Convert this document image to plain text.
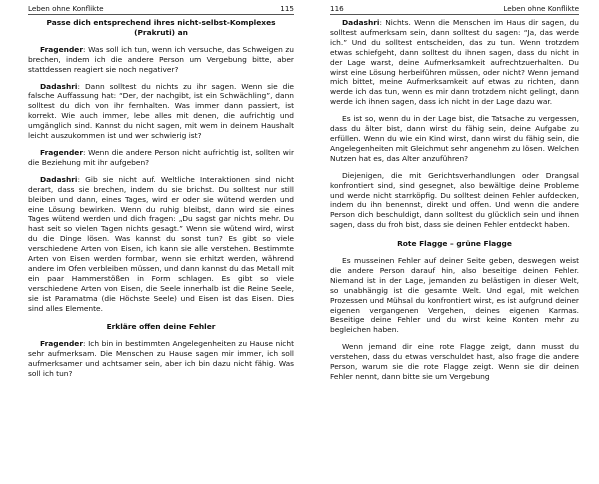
Leben ohne Konflikte	115
Passe dich entsprechend ihres nicht-selbst-Komplexes
(Prakruti) an

Fragender: Was soll ich tun, wenn ich versuche, das Schweigen zu brechen, indem ich die andere Person um Vergebung bitte, aber stattdessen reagiert sie noch negativer?

Dadashri: Dann solltest du nichts zu ihr sagen. Wenn sie die falsche Auffassung hat: “Der, der nachgibt, ist ein Schwächling”, dann solltest du dich von ihr fernhalten. Was immer dann passiert, ist korrekt. Wie auch immer, lebe alles mit denen, die aufrichtig und umgänglich sind. Kannst du nicht sagen, mit wem in deinem Haushalt leicht auszukommen ist und wer schwierig ist?

Fragender: Wenn die andere Person nicht aufrichtig ist, sollten wir die Beziehung mit ihr aufgeben?

Dadashri: Gib sie nicht auf. Weltliche Interaktionen sind nicht derart, dass sie brechen, indem du sie brichst. Du solltest nur still bleiben und dann, eines Tages, wird er oder sie wütend werden und eine Lösung bewirken. Wenn du ruhig bleibst, dann wird sie eines Tages wütend werden und dich fragen: „Du sagst gar nichts mehr. Du hast seit so vielen Tagen nichts gesagt.” Wenn sie wütend wird, wirst du die Dinge lösen. Was kannst du sonst tun? Es gibt so viele verschiedene Arten von Eisen, ich kann sie alle verstehen. Bestimmte Arten von Eisen werden formbar, wenn sie erhitzt werden, während andere im Ofen verbleiben müssen, und dann kannst du das Metall mit ein paar Hammerstößen in Form schlagen. Es gibt so viele verschiedene Arten von Eisen, die Seele innerhalb ist die Reine Seele, sie ist Paramatma (die Höchste Seele) und Eisen ist das Eisen. Dies sind alles Elemente.

Erkläre offen deine Fehler

Fragender: Ich bin in bestimmten Angelegenheiten zu Hause nicht sehr aufmerksam. Die Menschen zu Hause sagen mir immer, ich soll aufmerksamer und achtsamer sein, aber ich bin dazu nicht fähig. Was soll ich tun?

116	Leben ohne Konflikte

Dadashri: Nichts. Wenn die Menschen im Haus dir sagen, du solltest aufmerksam sein, dann solltest du sagen: “Ja, das werde ich.” Und du solltest entscheiden, das zu tun. Wenn trotzdem etwas schiefgeht, dann solltest du ihnen sagen, dass du nicht in der Lage warst, deine Aufmerksamkeit aufrechtzuerhalten. Du wirst eine Lösung herbeiführen müssen, oder nicht? Wenn jemand mich bittet, meine Aufmerksamkeit auf etwas zu richten, dann werde ich das tun, wenn es mir dann trotzdem nicht gelingt, dann werde ich ihnen sagen, dass ich nicht in der Lage dazu war.

Es ist so, wenn du in der Lage bist, die Tatsache zu vergessen, dass du älter bist, dann wirst du fähig sein, deine Aufgabe zu erfüllen. Wenn du wie ein Kind wirst, dann wirst du fähig sein, die Angelegenheiten mit Gleichmut sehr angenehm zu lösen. Welchen Nutzen hat es, das Alter anzuführen?

Diejenigen, die mit Gerichtsverhandlungen oder Drangsal konfrontiert sind, sind gesegnet, also bewältige deine Probleme und werde nicht starrköpfig. Du solltest deinen Fehler aufdecken, indem du ihn benennst, direkt und offen. Und wenn die andere Person dich beschuldigt, dann solltest du glücklich sein und ihnen sagen, dass du froh bist, dass sie deinen Fehler entdeckt haben.

Rote Flagge – grüne Flagge

Es musseinen Fehler auf deiner Seite geben, deswegen weist die andere Person darauf hin, also beseitige deinen Fehler. Niemand ist in der Lage, jemanden zu belästigen in dieser Welt, so unabhängig ist die gesamte Welt. Und egal, mit welchen Prozessen und Mühsal du konfrontiert wirst, es ist aufgrund deiner eigenen vergangenen Vergehen, deines eigenen Karmas. Beseitige deine Fehler und du wirst keine Konten mehr zu begleichen haben.

Wenn jemand dir eine rote Flagge zeigt, dann musst du verstehen, dass du etwas verschuldet hast, also frage die andere Person, warum sie die rote Flagge zeigt. Wenn sie dir deinen Fehler nennt, dann bitte sie um Vergebung
